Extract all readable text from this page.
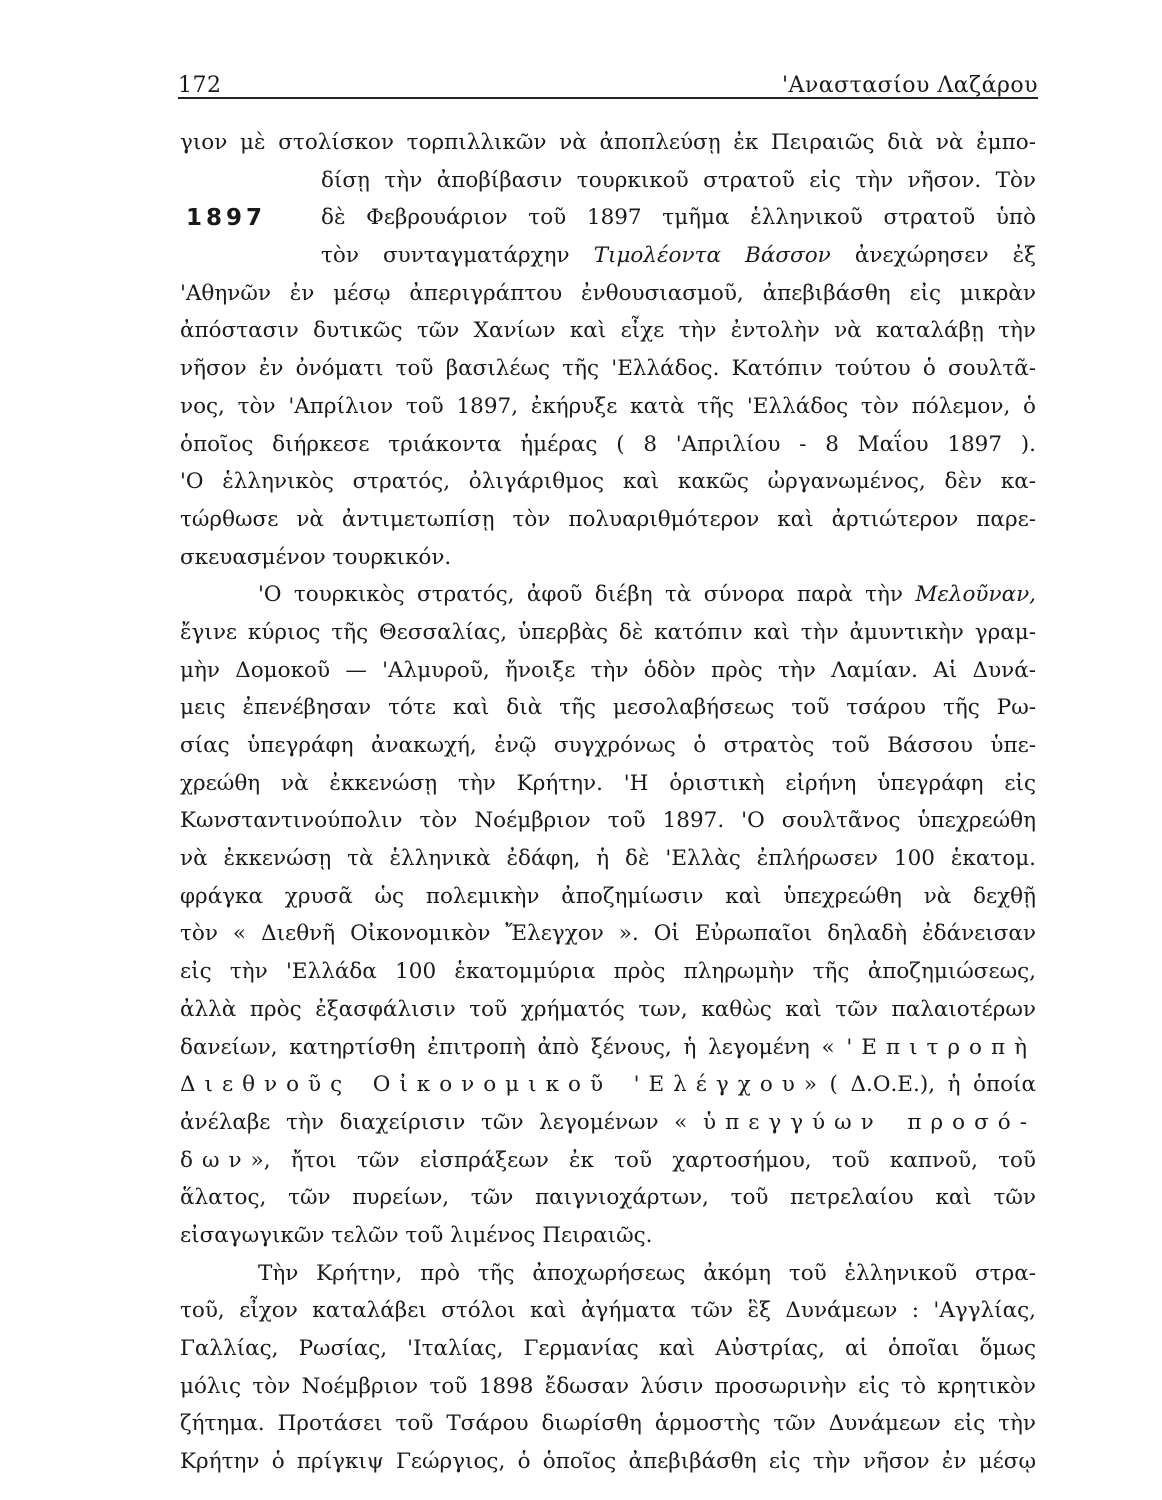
172	'Αναστασίου Λαζάρου
1897
γιον μὲ στολίσκον τορπιλλικῶν νὰ ἀποπλεύσῃ ἐκ Πειραιῶς διὰ νὰ ἐμπο-
δίσῃ τὴν ἀποβίβασιν τουρκικοῦ στρατοῦ εἰς τὴν νῆσον. Τὸν
δὲ Φεβρουάριον τοῦ 1897 τμῆμα ἑλληνικοῦ στρατοῦ ὑπὸ
τὸν συνταγματάρχην Τιμολέοντα Βάσσον ἀνεχώρησεν ἐξ
'Αθηνῶν ἐν μέσῳ ἀπεριγράπτου ἐνθουσιασμοῦ, ἀπεβιβάσθη εἰς μικρὰν
ἀπόστασιν δυτικῶς τῶν Χανίων καὶ εἶχε τὴν ἐντολὴν νὰ καταλάβῃ τὴν
νῆσον ἐν ὀνόματι τοῦ βασιλέως τῆς 'Ελλάδος. Κατόπιν τούτου ὁ σουλτᾶ-
νος, τὸν 'Απρίλιον τοῦ 1897, ἐκήρυξε κατὰ τῆς 'Ελλάδος τὸν πόλεμον, ὁ
ὁποῖος διήρκεσε τριάκοντα ἡμέρας ( 8 'Απριλίου - 8 Μαΐου 1897 ).
'Ο ἑλληνικὸς στρατός, ὀλιγάριθμος καὶ κακῶς ὠργανωμένος, δὲν κα-
τώρθωσε νὰ ἀντιμετωπίσῃ τὸν πολυαριθμότερον καὶ ἀρτιώτερον παρε-
σκευασμένον τουρκικόν.
'Ο τουρκικὸς στρατός, ἀφοῦ διέβη τὰ σύνορα παρὰ τὴν Μελοῦναν,
ἔγινε κύριος τῆς Θεσσαλίας, ὑπερβὰς δὲ κατόπιν καὶ τὴν ἀμυντικὴν γραμ-
μὴν Δομοκοῦ — 'Αλμυροῦ, ἤνοιξε τὴν ὁδὸν πρὸς τὴν Λαμίαν. Αἱ Δυνά-
μεις ἐπενέβησαν τότε καὶ διὰ τῆς μεσολαβήσεως τοῦ τσάρου τῆς Ρω-
σίας ὑπεγράφη ἀνακωχή, ἐνῷ συγχρόνως ὁ στρατὸς τοῦ Βάσσου ὑπε-
χρεώθη νὰ ἐκκενώσῃ τὴν Κρήτην. 'Η ὁριστικὴ εἰρήνη ὑπεγράφη εἰς
Κωνσταντινούπολιν τὸν Νοέμβριον τοῦ 1897. 'Ο σουλτᾶνος ὑπεχρεώθη
νὰ ἐκκενώσῃ τὰ ἑλληνικὰ ἐδάφη, ἡ δὲ 'Ελλὰς ἐπλήρωσεν 100 ἑκατομ.
φράγκα χρυσᾶ ὡς πολεμικὴν ἀποζημίωσιν καὶ ὑπεχρεώθη νὰ δεχθῇ
τὸν « Διεθνῆ Οἰκονομικὸν Ἔλεγχον ». Οἱ Εὐρωπαῖοι δηλαδὴ ἐδάνεισαν
εἰς τὴν 'Ελλάδα 100 ἑκατομμύρια πρὸς πληρωμὴν τῆς ἀποζημιώσεως,
ἀλλὰ πρὸς ἐξασφάλισιν τοῦ χρήματός των, καθὼς καὶ τῶν παλαιοτέρων
δανείων, κατηρτίσθη ἐπιτροπὴ ἀπὸ ξένους, ἡ λεγομένη « 'Επιτροπὴ
Διεθνοῦς Οἰκονομικοῦ 'Ελέγχου» ( Δ.Ο.Ε.), ἡ ὁποία
ἀνέλαβε τὴν διαχείρισιν τῶν λεγομένων « ὑπεγγύων προσό-
δων», ἤτοι τῶν εἰσπράξεων ἐκ τοῦ χαρτοσήμου, τοῦ καπνοῦ, τοῦ
ἅλατος, τῶν πυρείων, τῶν παιγνιοχάρτων, τοῦ πετρελαίου καὶ τῶν
εἰσαγωγικῶν τελῶν τοῦ λιμένος Πειραιῶς.
Τὴν Κρήτην, πρὸ τῆς ἀποχωρήσεως ἀκόμη τοῦ ἑλληνικοῦ στρα-
τοῦ, εἶχον καταλάβει στόλοι καὶ ἀγήματα τῶν ἓξ Δυνάμεων : 'Αγγλίας,
Γαλλίας, Ρωσίας, 'Ιταλίας, Γερμανίας καὶ Αὐστρίας, αἱ ὁποῖαι ὅμως
μόλις τὸν Νοέμβριον τοῦ 1898 ἔδωσαν λύσιν προσωρινὴν εἰς τὸ κρητικὸν
ζήτημα. Προτάσει τοῦ Τσάρου διωρίσθη ἁρμοστὴς τῶν Δυνάμεων εἰς τὴν
Κρήτην ὁ πρίγκιψ Γεώργιος, ὁ ὁποῖος ἀπεβιβάσθη εἰς τὴν νῆσον ἐν μέσῳ
